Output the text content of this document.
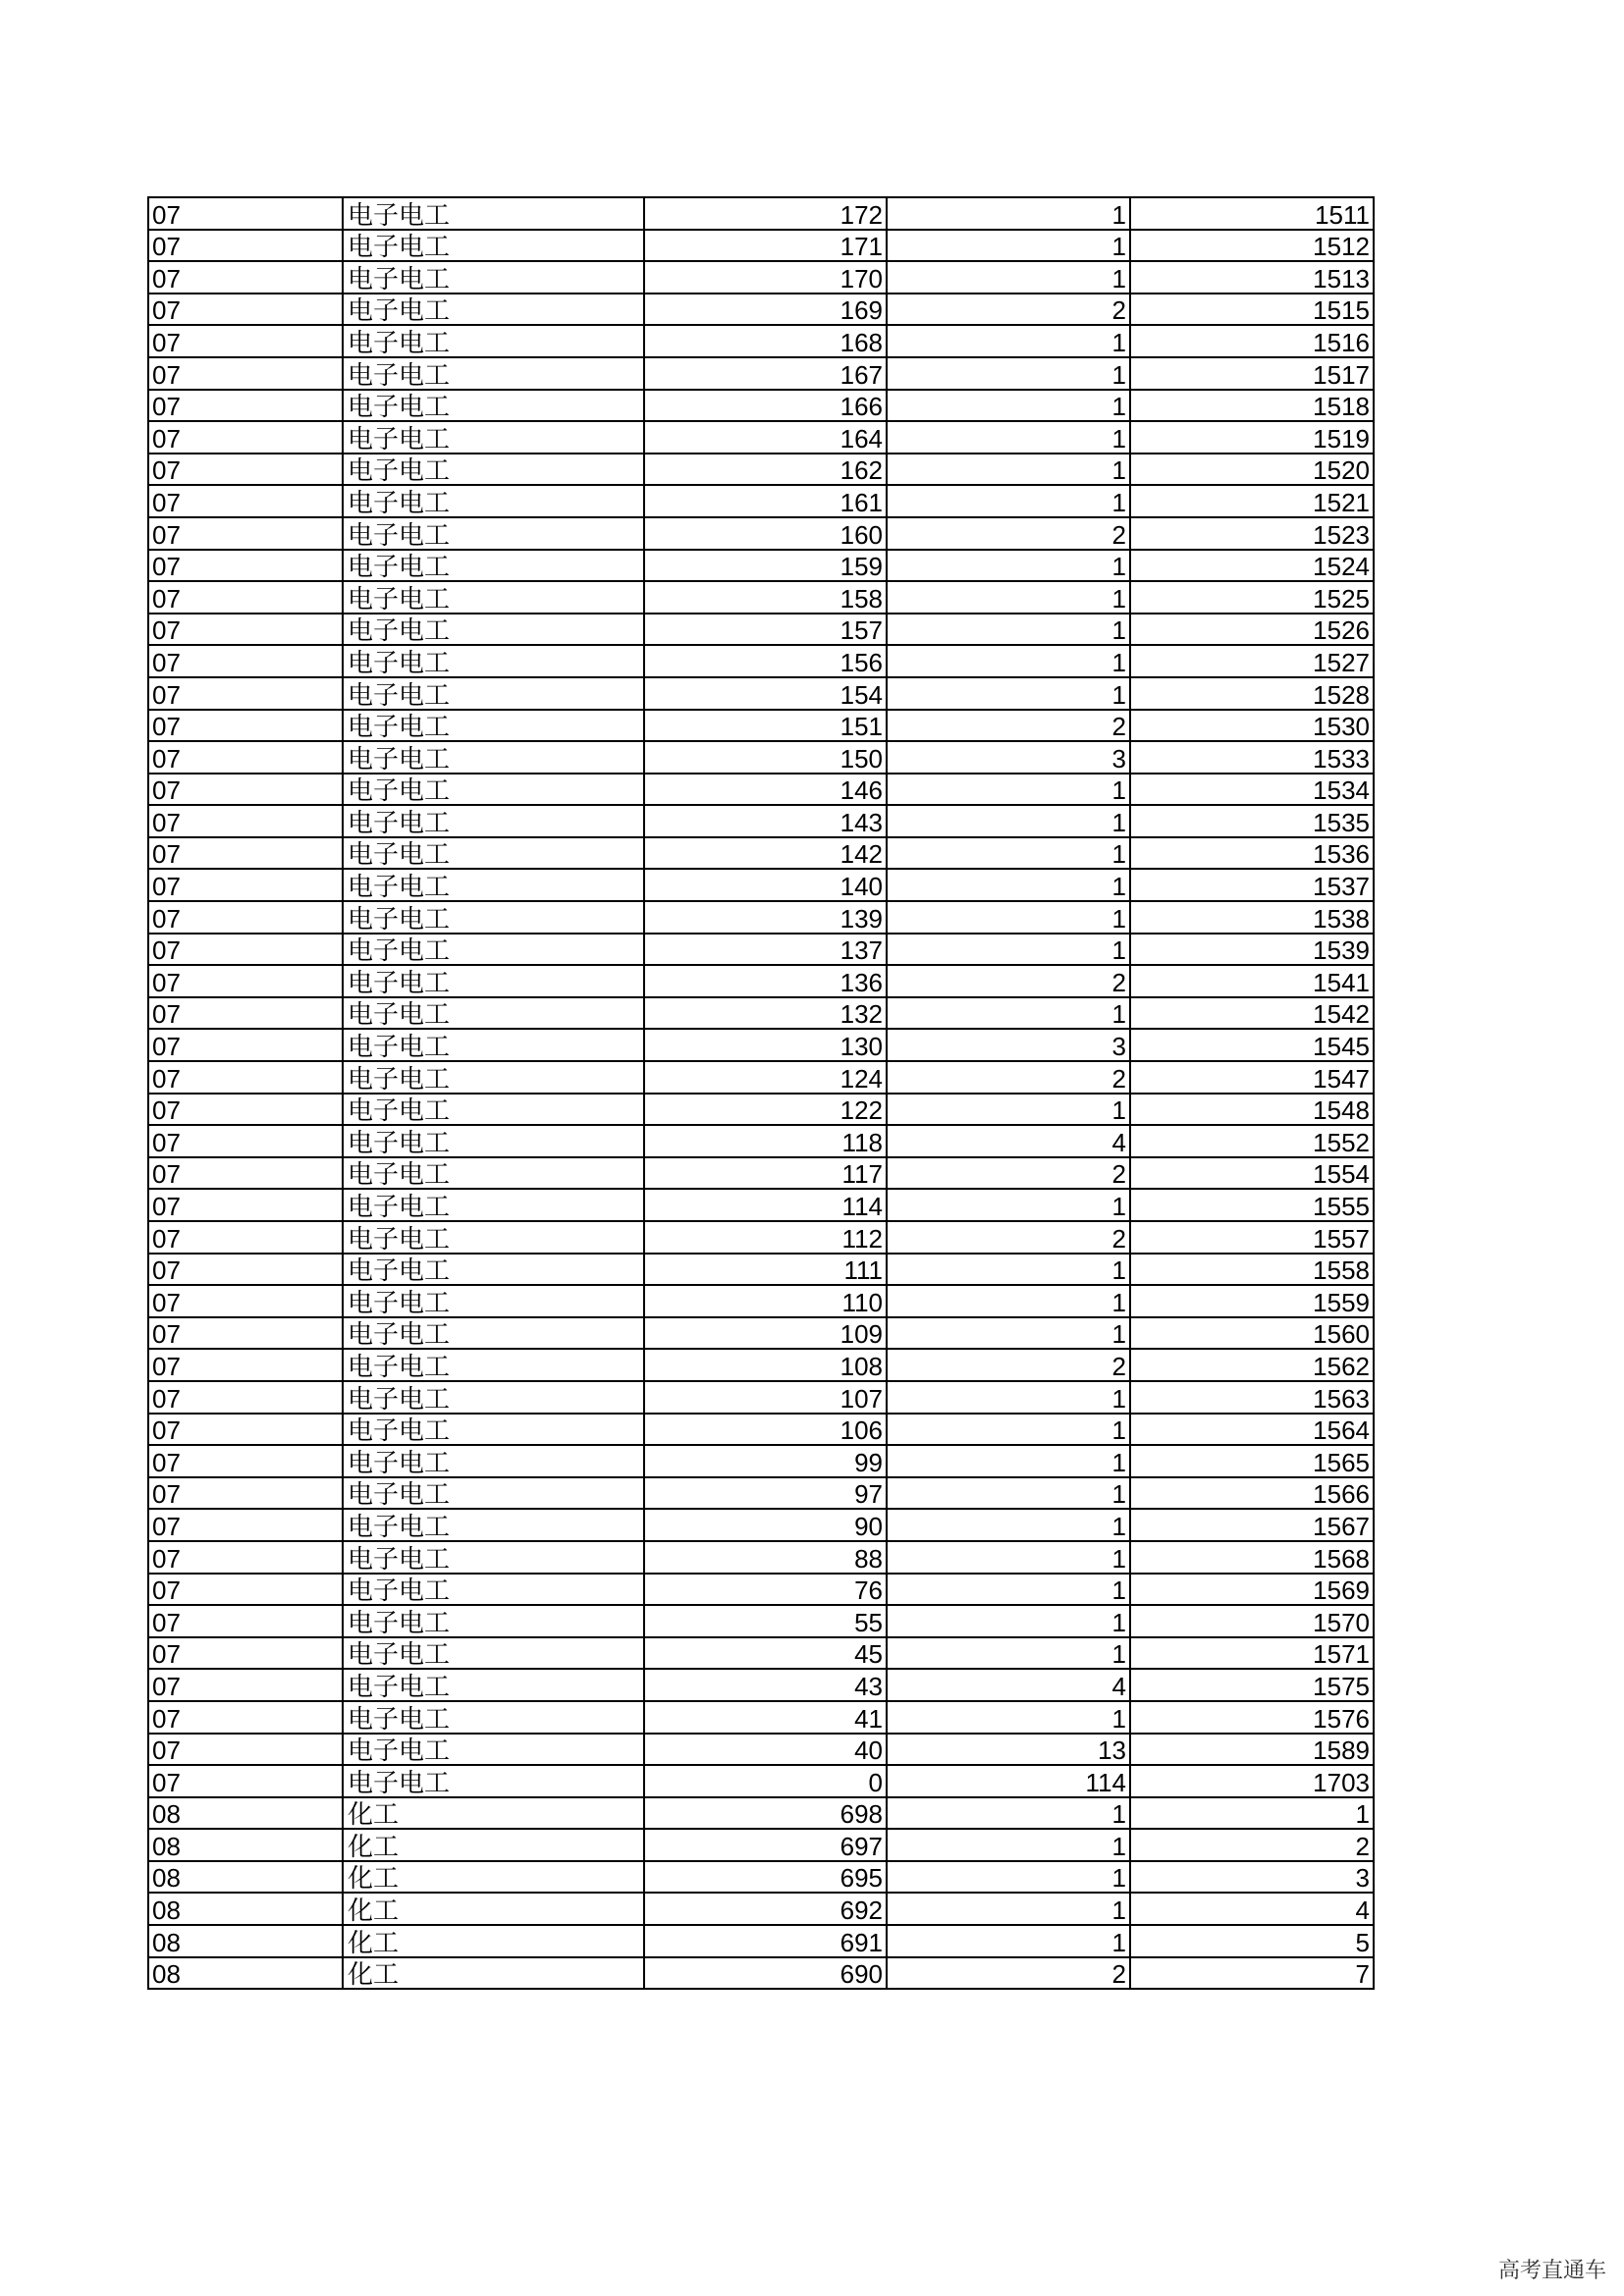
07	电子电工	172	1	1511
07	电子电工	171	1	1512
07	电子电工	170	1	1513
07	电子电工	169	2	1515
07	电子电工	168	1	1516
07	电子电工	167	1	1517
07	电子电工	166	1	1518
07	电子电工	164	1	1519
07	电子电工	162	1	1520
07	电子电工	161	1	1521
07	电子电工	160	2	1523
07	电子电工	159	1	1524
07	电子电工	158	1	1525
07	电子电工	157	1	1526
07	电子电工	156	1	1527
07	电子电工	154	1	1528
07	电子电工	151	2	1530
07	电子电工	150	3	1533
07	电子电工	146	1	1534
07	电子电工	143	1	1535
07	电子电工	142	1	1536
07	电子电工	140	1	1537
07	电子电工	139	1	1538
07	电子电工	137	1	1539
07	电子电工	136	2	1541
07	电子电工	132	1	1542
07	电子电工	130	3	1545
07	电子电工	124	2	1547
07	电子电工	122	1	1548
07	电子电工	118	4	1552
07	电子电工	117	2	1554
07	电子电工	114	1	1555
07	电子电工	112	2	1557
07	电子电工	111	1	1558
07	电子电工	110	1	1559
07	电子电工	109	1	1560
07	电子电工	108	2	1562
07	电子电工	107	1	1563
07	电子电工	106	1	1564
07	电子电工	99	1	1565
07	电子电工	97	1	1566
07	电子电工	90	1	1567
07	电子电工	88	1	1568
07	电子电工	76	1	1569
07	电子电工	55	1	1570
07	电子电工	45	1	1571
07	电子电工	43	4	1575
07	电子电工	41	1	1576
07	电子电工	40	13	1589
07	电子电工	0	114	1703
08	化工	698	1	1
08	化工	697	1	2
08	化工	695	1	3
08	化工	692	1	4
08	化工	691	1	5
08	化工	690	2	7
高考直通车
